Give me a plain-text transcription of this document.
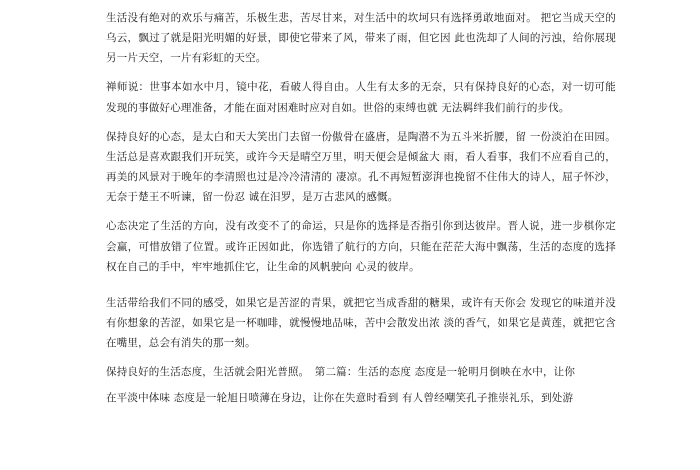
生活没有绝对的欢乐与痛苦，乐极生悲，苦尽甘来，对生活中的坎坷只有选择勇敢地面对。 把它当成天空的乌云，飘过了就是阳光明媚的好景，即使它带来了风，带来了雨，但它因 此也洗却了人间的污浊，给你展现另一片天空，一片有彩虹的天空。

禅师说：世事本如水中月，镜中花，看破人得自由。人生有太多的无奈，只有保持良好的心态，对一切可能发现的事做好心理准备，才能在面对困难时应对自如。世俗的束缚也就 无法羁绊我们前行的步伐。

保持良好的心态，是太白和天大笑出门去留一份傲骨在盛唐，是陶潜不为五斗米折腰，留 一份淡泊在田园。生活总是喜欢跟我们开玩笑，或许今天是晴空万里，明天便会是倾盆大 雨，看人看事，我们不应看自己的，再美的风景对于晚年的李清照也过是冷冷清清的 凄凉。孔不再短暂澎湃也挽留不住伟大的诗人，屈子怀沙，无奈于楚王不听谏，留一份忍 诚在汨罗，是万古悲风的感慨。

心态决定了生活的方向，没有改变不了的命运，只是你的选择是否指引你到达彼岸。晋人说，进一步棋你定会赢，可惜放错了位置。或许正因如此，你选错了航行的方向，只能在茫茫大海中飘荡，生活的态度的选择权在自己的手中，牢牢地抓住它，让生命的风帆驶向 心灵的彼岸。

生活带给我们不同的感受，如果它是苦涩的青果，就把它当成香甜的糖果，或许有天你会 发现它的味道并没有你想象的苦涩，如果它是一杯咖啡，就慢慢地品味，苦中会散发出浓 淡的香气，如果它是黄莲，就把它含在嘴里，总会有消失的那一刻。

保持良好的生活态度，生活就会阳光普照。　第二篇：生活的态度 态度是一轮明月倒映在水中，让你

在平淡中体味 态度是一轮旭日喷薄在身边，让你在失意时看到 有人曾经嘲笑孔子推崇礼乐，到处游
